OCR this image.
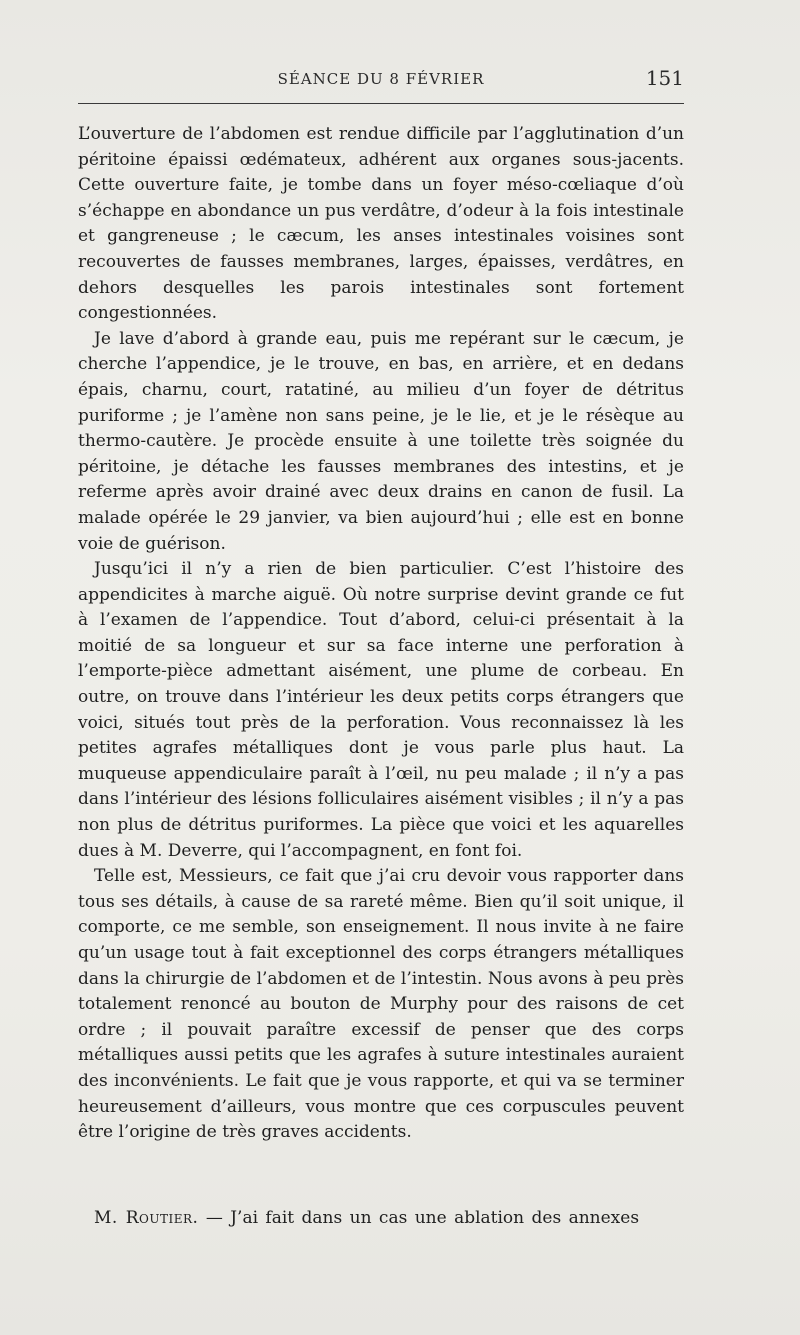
SÉANCE DU 8 FÉVRIER	151

L’ouverture de l’abdomen est rendue difficile par l’agglutination d’un péritoine épaissi œdémateux, adhérent aux organes sous-jacents. Cette ouverture faite, je tombe dans un foyer méso-cœliaque d’où s’échappe en abondance un pus verdâtre, d’odeur à la fois intestinale et gangreneuse ; le cæcum, les anses intestinales voisines sont recouvertes de fausses membranes, larges, épaisses, verdâtres, en dehors desquelles les parois intestinales sont fortement congestionnées.

Je lave d’abord à grande eau, puis me repérant sur le cæcum, je cherche l’appendice, je le trouve, en bas, en arrière, et en dedans épais, charnu, court, ratatiné, au milieu d’un foyer de détritus puriforme ; je l’amène non sans peine, je le lie, et je le résèque au thermo-cautère. Je procède ensuite à une toilette très soignée du péritoine, je détache les fausses membranes des intestins, et je referme après avoir drainé avec deux drains en canon de fusil. La malade opérée le 29 janvier, va bien aujourd’hui ; elle est en bonne voie de guérison.

Jusqu’ici il n’y a rien de bien particulier. C’est l’histoire des appendicites à marche aiguë. Où notre surprise devint grande ce fut à l’examen de l’appendice. Tout d’abord, celui-ci présentait à la moitié de sa longueur et sur sa face interne une perforation à l’emporte-pièce admettant aisément, une plume de corbeau. En outre, on trouve dans l’intérieur les deux petits corps étrangers que voici, situés tout près de la perforation. Vous reconnaissez là les petites agrafes métalliques dont je vous parle plus haut. La muqueuse appendiculaire paraît à l’œil, nu peu malade ; il n’y a pas dans l’intérieur des lésions folliculaires aisément visibles ; il n’y a pas non plus de détritus puriformes. La pièce que voici et les aquarelles dues à M. Deverre, qui l’accompagnent, en font foi.

Telle est, Messieurs, ce fait que j’ai cru devoir vous rapporter dans tous ses détails, à cause de sa rareté même. Bien qu’il soit unique, il comporte, ce me semble, son enseignement. Il nous invite à ne faire qu’un usage tout à fait exceptionnel des corps étrangers métalliques dans la chirurgie de l’abdomen et de l’intestin. Nous avons à peu près totalement renoncé au bouton de Murphy pour des raisons de cet ordre ; il pouvait paraître excessif de penser que des corps métalliques aussi petits que les agrafes à suture intestinales auraient des inconvénients. Le fait que je vous rapporte, et qui va se terminer heureusement d’ailleurs, vous montre que ces corpuscules peuvent être l’origine de très graves accidents.

M. Routier. — J’ai fait dans un cas une ablation des annexes
